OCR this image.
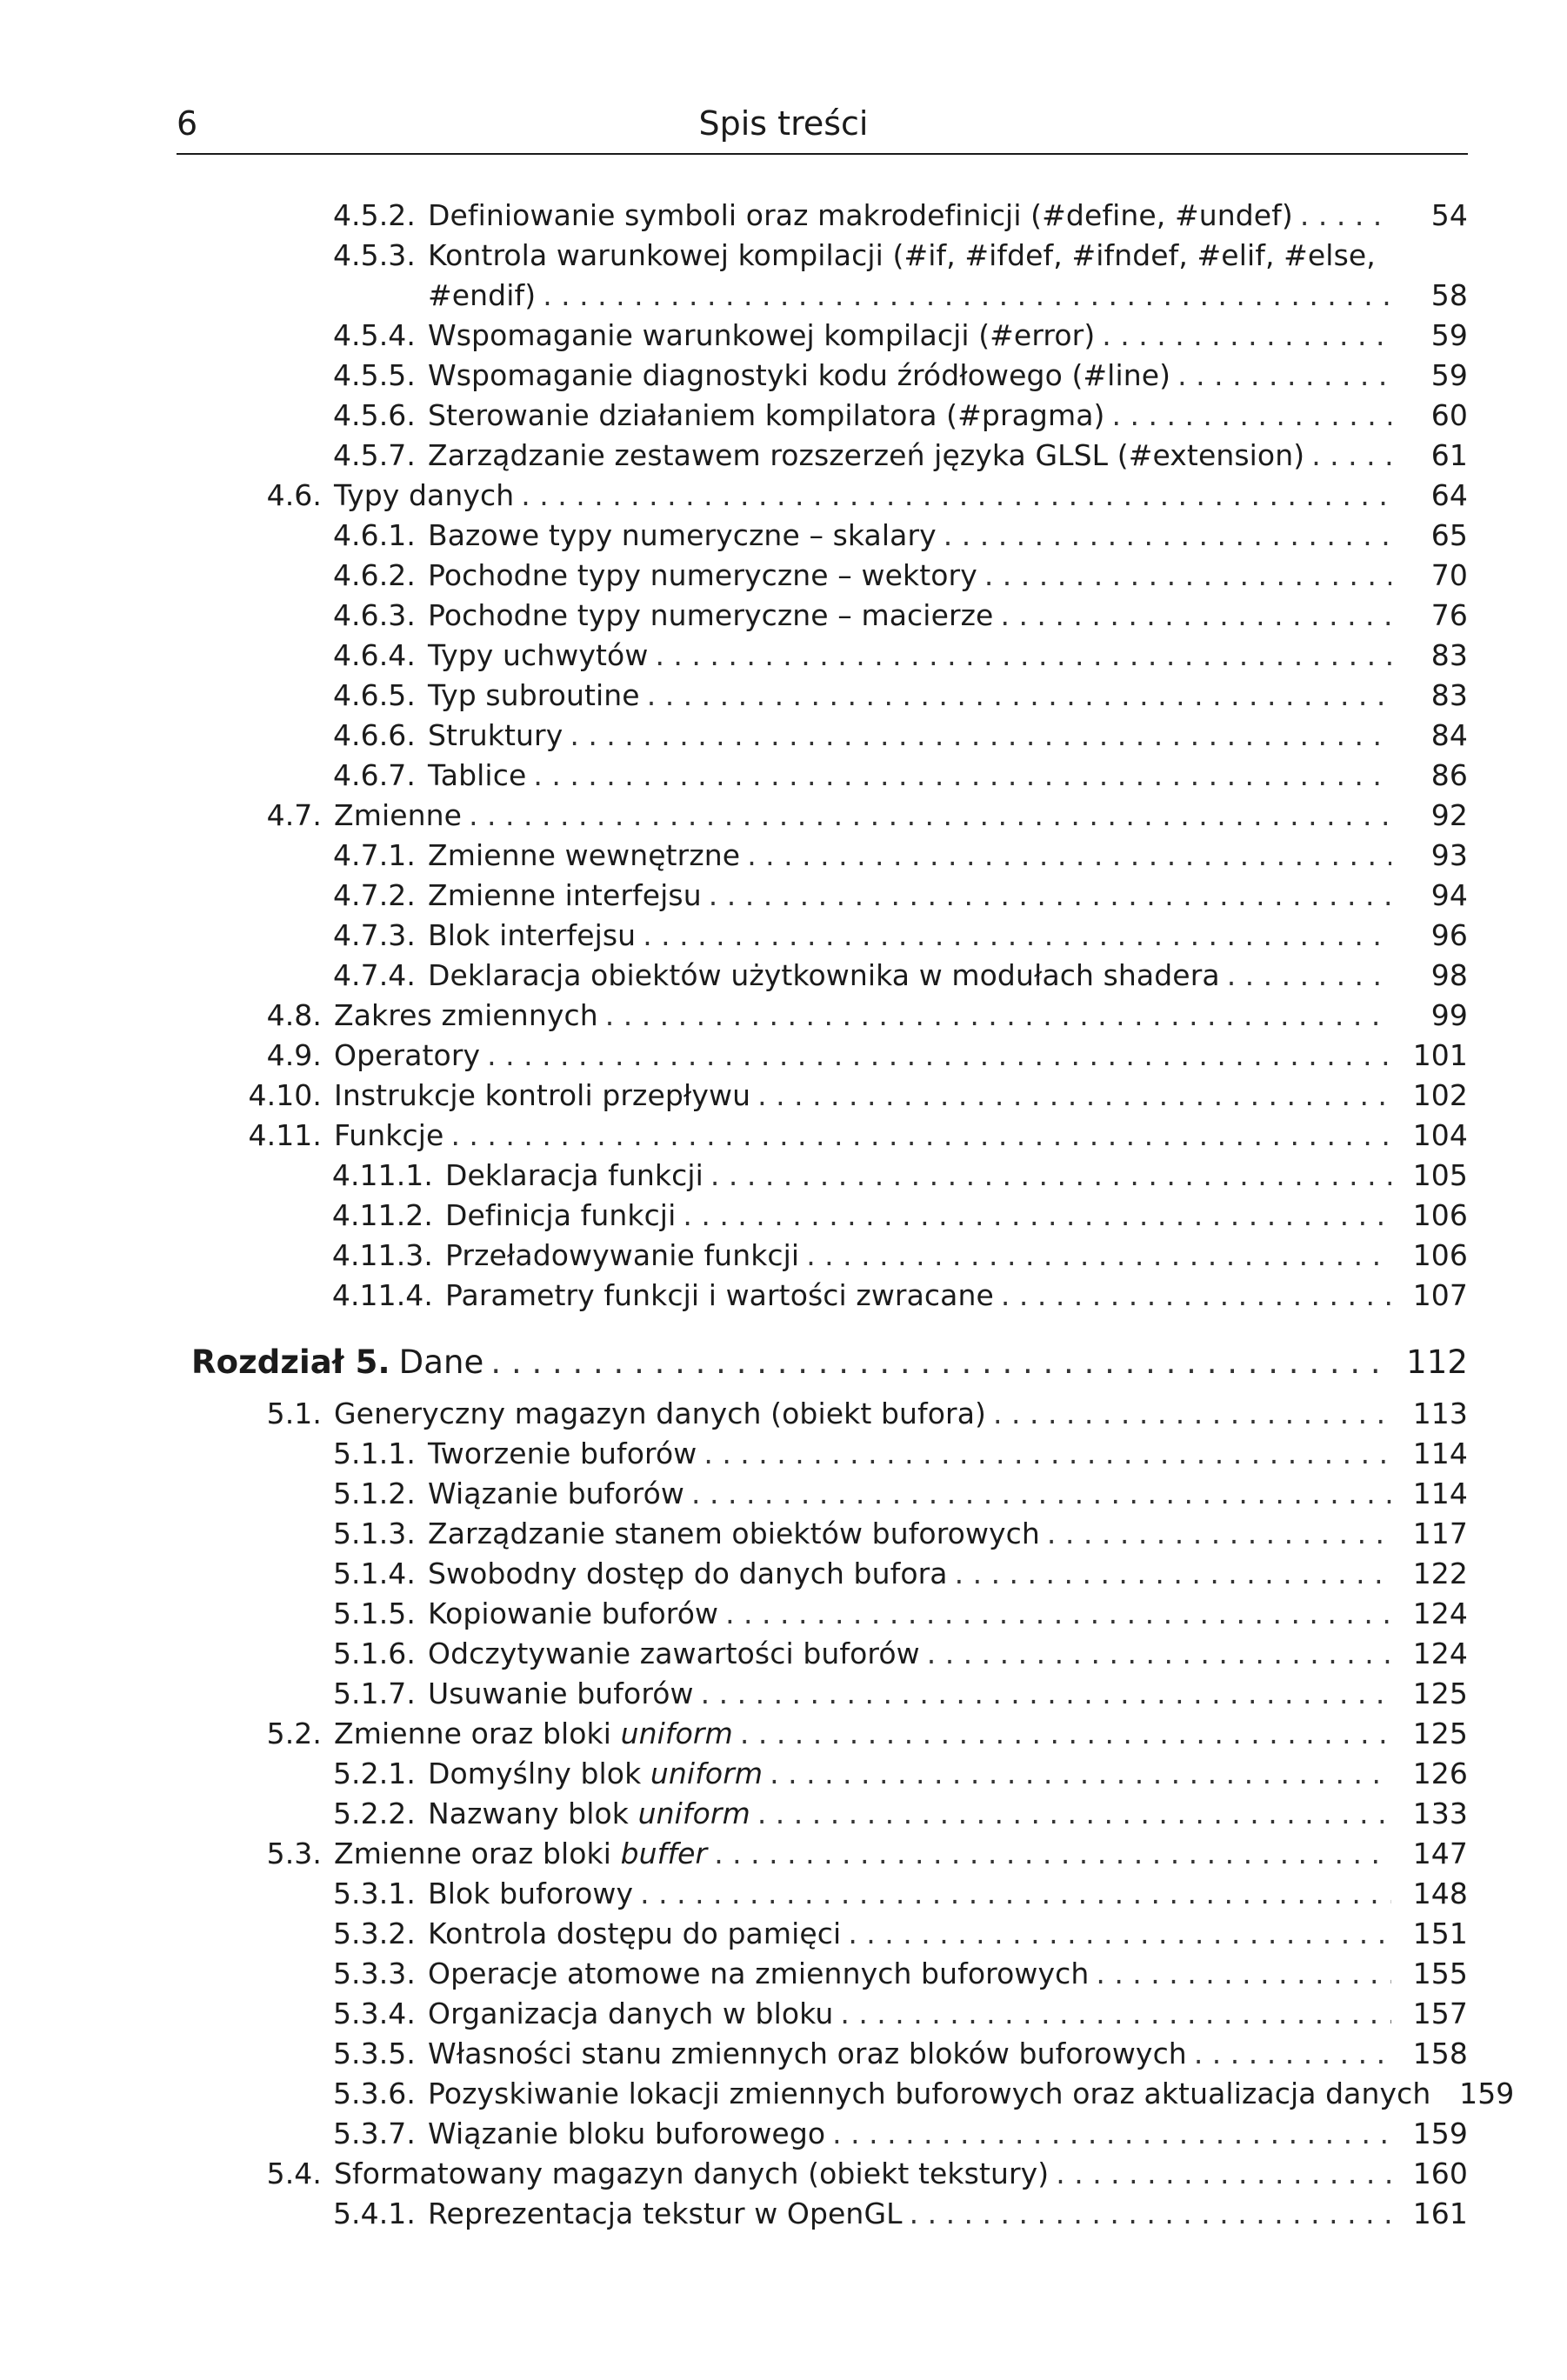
6	Spis treści
4.5.2. Definiowanie symboli oraz makrodefinicji (#define, #undef) . . .	54
4.5.3. Kontrola warunkowej kompilacji (#if, #ifdef, #ifndef, #elif, #else,
#endif) . . .	58
4.5.4. Wspomaganie warunkowej kompilacji (#error) . . .	59
4.5.5. Wspomaganie diagnostyki kodu źródłowego (#line) . . .	59
4.5.6. Sterowanie działaniem kompilatora (#pragma) . . .	60
4.5.7. Zarządzanie zestawem rozszerzeń języka GLSL (#extension) . . .	61
4.6. Typy danych . . .	64
4.6.1. Bazowe typy numeryczne – skalary . . .	65
4.6.2. Pochodne typy numeryczne – wektory . . .	70
4.6.3. Pochodne typy numeryczne – macierze . . .	76
4.6.4. Typy uchwytów . . .	83
4.6.5. Typ subroutine . . .	83
4.6.6. Struktury . . .	84
4.6.7. Tablice . . .	86
4.7. Zmienne . . .	92
4.7.1. Zmienne wewnętrzne . . .	93
4.7.2. Zmienne interfejsu . . .	94
4.7.3. Blok interfejsu . . .	96
4.7.4. Deklaracja obiektów użytkownika w modułach shadera . . .	98
4.8. Zakres zmiennych . . .	99
4.9. Operatory . . .	101
4.10. Instrukcje kontroli przepływu . . .	102
4.11. Funkcje . . .	104
4.11.1. Deklaracja funkcji . . .	105
4.11.2. Definicja funkcji . . .	106
4.11.3. Przeładowywanie funkcji . . .	106
4.11.4. Parametry funkcji i wartości zwracane . . .	107
Rozdział 5. Dane . . .	112
5.1. Generyczny magazyn danych (obiekt bufora) . . .	113
5.1.1. Tworzenie buforów . . .	114
5.1.2. Wiązanie buforów . . .	114
5.1.3. Zarządzanie stanem obiektów buforowych . . .	117
5.1.4. Swobodny dostęp do danych bufora . . .	122
5.1.5. Kopiowanie buforów . . .	124
5.1.6. Odczytywanie zawartości buforów . . .	124
5.1.7. Usuwanie buforów . . .	125
5.2. Zmienne oraz bloki uniform . . .	125
5.2.1. Domyślny blok uniform . . .	126
5.2.2. Nazwany blok uniform . . .	133
5.3. Zmienne oraz bloki buffer . . .	147
5.3.1. Blok buforowy . . .	148
5.3.2. Kontrola dostępu do pamięci . . .	151
5.3.3. Operacje atomowe na zmiennych buforowych . . .	155
5.3.4. Organizacja danych w bloku . . .	157
5.3.5. Własności stanu zmiennych oraz bloków buforowych . . .	158
5.3.6. Pozyskiwanie lokacji zmiennych buforowych oraz aktualizacja danych 159
5.3.7. Wiązanie bloku buforowego . . .	159
5.4. Sformatowany magazyn danych (obiekt tekstury) . . .	160
5.4.1. Reprezentacja tekstur w OpenGL . . .	161
